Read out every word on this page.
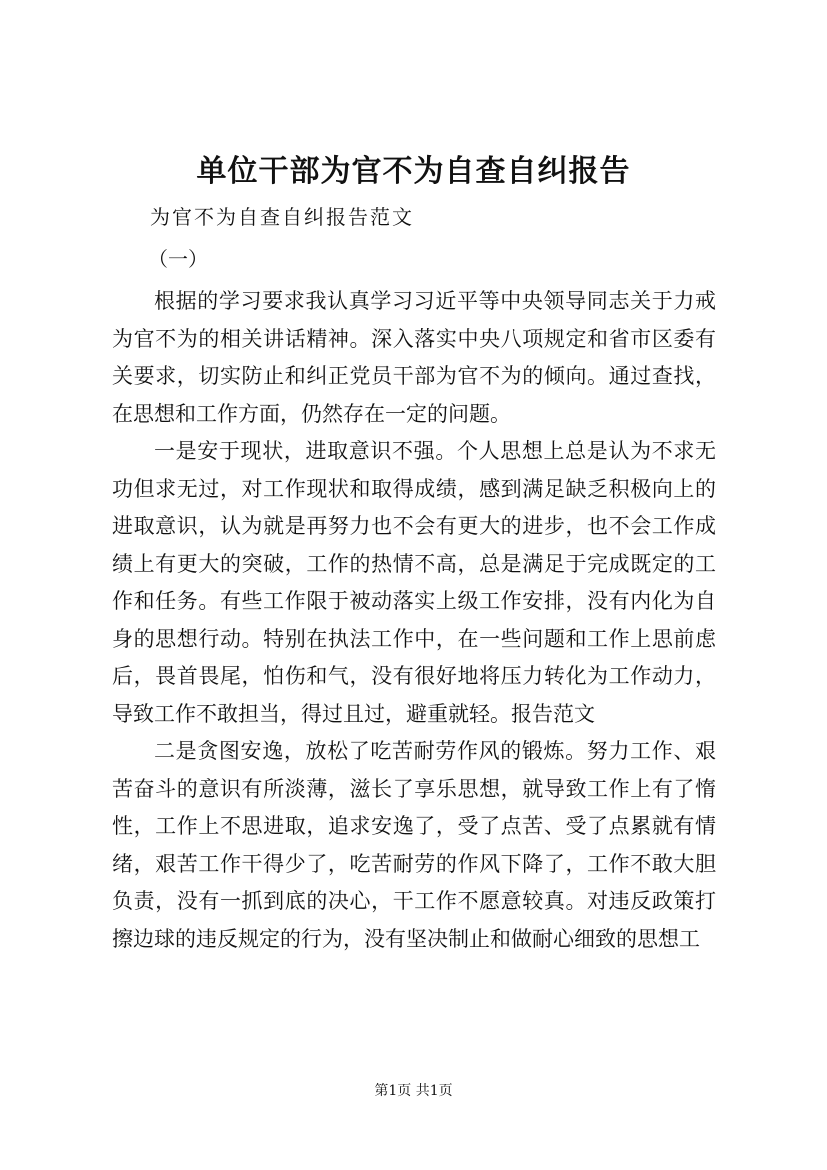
单位干部为官不为自查自纠报告
为官不为自查自纠报告范文
（一）

根据的学习要求我认真学习习近平等中央领导同志关于力戒为官不为的相关讲话精神。深入落实中央八项规定和省市区委有关要求，切实防止和纠正党员干部为官不为的倾向。通过查找，在思想和工作方面，仍然存在一定的问题。

一是安于现状，进取意识不强。个人思想上总是认为不求无功但求无过，对工作现状和取得成绩，感到满足缺乏积极向上的进取意识，认为就是再努力也不会有更大的进步，也不会工作成绩上有更大的突破，工作的热情不高，总是满足于完成既定的工作和任务。有些工作限于被动落实上级工作安排，没有内化为自身的思想行动。特别在执法工作中，在一些问题和工作上思前虑后，畏首畏尾，怕伤和气，没有很好地将压力转化为工作动力，导致工作不敢担当，得过且过，避重就轻。报告范文

二是贪图安逸，放松了吃苦耐劳作风的锻炼。努力工作、艰苦奋斗的意识有所淡薄，滋长了享乐思想，就导致工作上有了惰性，工作上不思进取，追求安逸了，受了点苦、受了点累就有情绪，艰苦工作干得少了，吃苦耐劳的作风下降了，工作不敢大胆负责，没有一抓到底的决心，干工作不愿意较真。对违反政策打擦边球的违反规定的行为，没有坚决制止和做耐心细致的思想工

第1页 共1页
